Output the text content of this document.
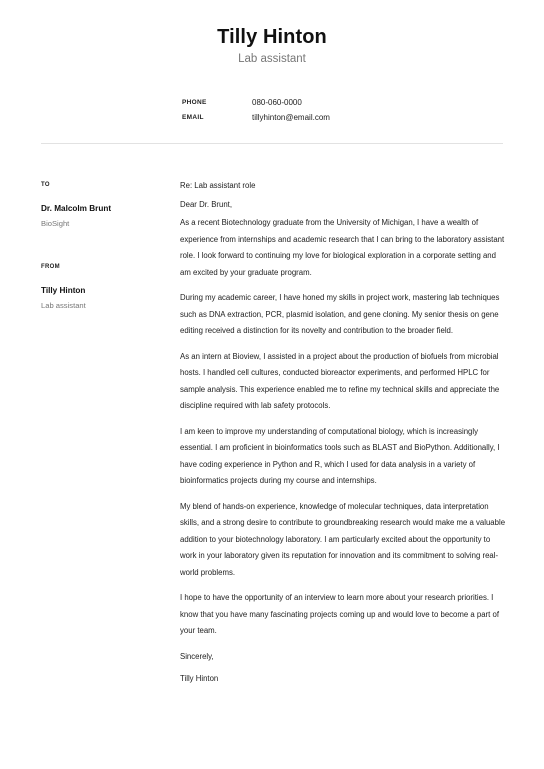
Tilly Hinton
Lab assistant
PHONE	080-060-0000
EMAIL	tillyhinton@email.com
TO
Dr. Malcolm Brunt
BioSight
FROM
Tilly Hinton
Lab assistant

Re: Lab assistant role

Dear Dr. Brunt,

As a recent Biotechnology graduate from the University of Michigan, I have a wealth of experience from internships and academic research that I can bring to the laboratory assistant role. I look forward to continuing my love for biological exploration in a corporate setting and am excited by your graduate program.

During my academic career, I have honed my skills in project work, mastering lab techniques such as DNA extraction, PCR, plasmid isolation, and gene cloning. My senior thesis on gene editing received a distinction for its novelty and contribution to the broader field.

As an intern at Bioview, I assisted in a project about the production of biofuels from microbial hosts. I handled cell cultures, conducted bioreactor experiments, and performed HPLC for sample analysis. This experience enabled me to refine my technical skills and appreciate the discipline required with lab safety protocols.

I am keen to improve my understanding of computational biology, which is increasingly essential. I am proficient in bioinformatics tools such as BLAST and BioPython. Additionally, I have coding experience in Python and R, which I used for data analysis in a variety of bioinformatics projects during my course and internships.

My blend of hands-on experience, knowledge of molecular techniques, data interpretation skills, and a strong desire to contribute to groundbreaking research would make me a valuable addition to your biotechnology laboratory. I am particularly excited about the opportunity to work in your laboratory given its reputation for innovation and its commitment to solving real-world problems.

I hope to have the opportunity of an interview to learn more about your research priorities. I know that you have many fascinating projects coming up and would love to become a part of your team.

Sincerely,

Tilly Hinton
